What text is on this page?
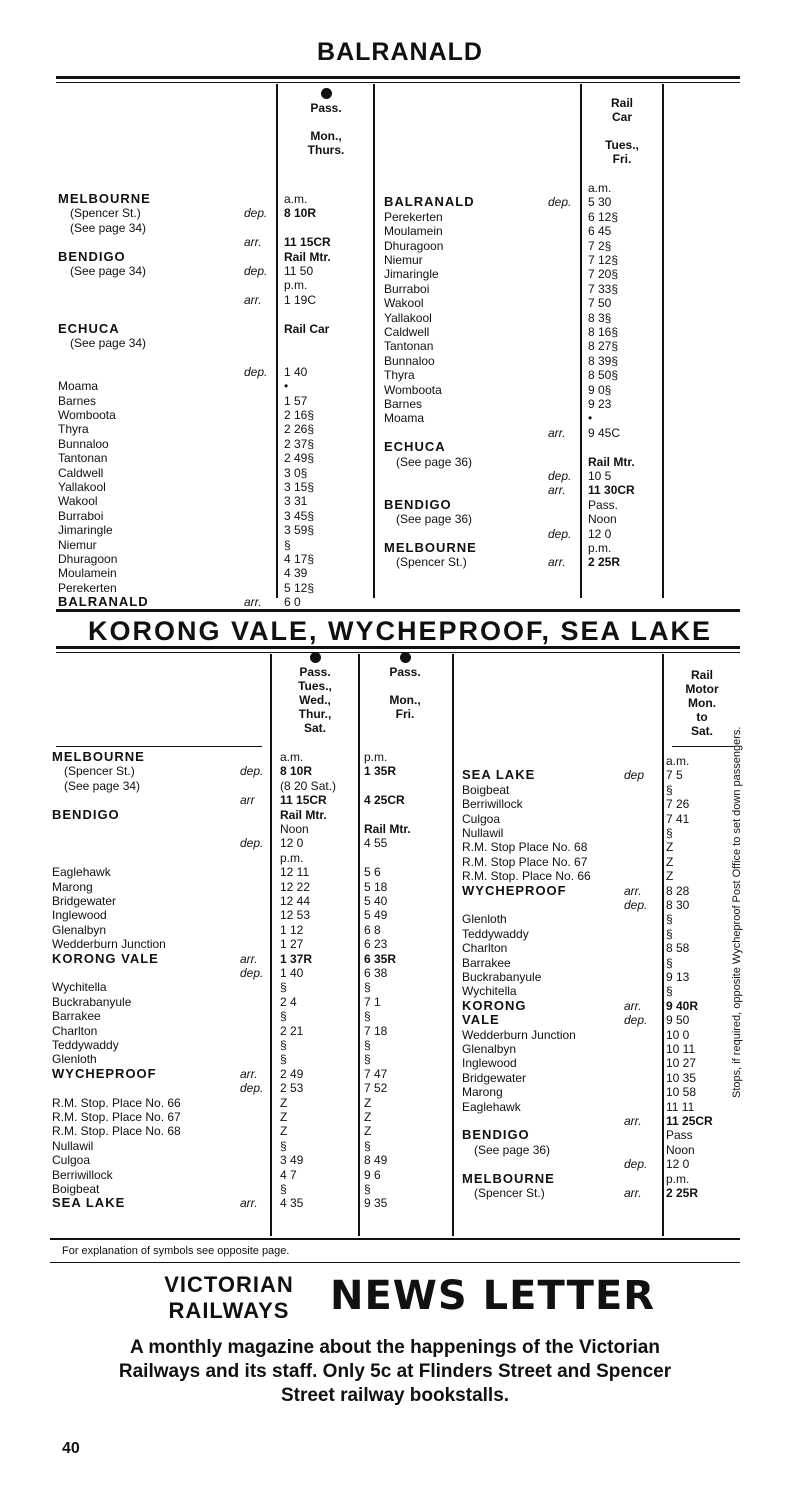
BALRANALD
Pass.

Mon.,
Thurs.
Rail
Car

Tues.,
Fri.
MELBOURNE	a.m.
(Spencer St.)	dep. 8 10R
(See page 34)
arr. 11 15CR
BENDIGO	Rail Mtr.
(See page 34)	dep. 11 50
p.m.
arr. 1 19C
ECHUCA	Rail Car
(See page 34)
dep. 1 40
Moama	•
Barnes	1 57
Wombootа	2 16§
Thyra	2 26§
Bunnaloo	2 37§
Tantonan	2 49§
Caldwell	3 0§
Yallakool	3 15§
Wakool	3 31
Burraboi	3 45§
Jimaringle	3 59§
Niemur	§
Dhuragoon	4 17§
Moulamein	4 39
Perekerten	5 12§
BALRANALD	arr. 6 0
a.m.
BALRANALD	dep. 5 30
Perekerten	6 12§
Moulamein	6 45
Dhuragoon	7 2§
Niemur	7 12§
Jimaringle	7 20§
Burraboi	7 33§
Wakool	7 50
Yallakool	8 3§
Caldwell	8 16§
Tantonan	8 27§
Bunnaloo	8 39§
Thyra	8 50§
Wombootа	9 0§
Barnes	9 23
Moama	•
arr. 9 45C
ECHUCA
(See page 36)	Rail Mtr.
dep. 10 5
arr. 11 30CR
BENDIGO	Pass.
(See page 36)	Noon
dep. 12 0
MELBOURNE	p.m.
(Spencer St.)	arr. 2 25R
KORONG VALE, WYCHEPROOF, SEA LAKE
Pass.
Tues.,
Wed.,
Thur.,
Sat.
Pass.

Mon.,
Fri.
Rail
Motor
Mon.
to
Sat.
MELBOURNE	a.m.	p.m.
(Spencer St.)	dep. 8 10R	1 35R
(See page 34)	(8 20 Sat.)
arr 11 15CR	4 25CR
BENDIGO	Rail Mtr.
Noon	Rail Mtr.
dep. 12 0	4 55
p.m.
Eaglehawk	12 11	5 6
Marong	12 22	5 18
Bridgewater	12 44	5 40
Inglewood	12 53	5 49
Glenalbyn	1 12	6 8
Wedderburn Junction	1 27	6 23
KORONG VALE	arr. 1 37R	6 35R
dep. 1 40	6 38
Wychitella	§	§
Buckrabanyule	2 4	7 1
Barrakee	§	§
Charlton	2 21	7 18
Teddywaddy	§	§
Glenloth	§	§
WYCHEPROOF	arr. 2 49	7 47
dep. 2 53	7 52
R.M. Stop. Place No. 66	Z	Z
R.M. Stop. Place No. 67	Z	Z
R.M. Stop. Place No. 68	Z	Z
Nullawil	§	§
Culgoa	3 49	8 49
Berriwillock	4 7	9 6
Boigbeat	§	§
SEA LAKE	arr. 4 35	9 35
a.m.
SEA LAKE	dep 7 5
Boigbeat	§
Berriwillock	7 26
Culgoa	7 41
Nullawil	§
R.M. Stop Place No. 68	Z
R.M. Stop Place No. 67	Z
R.M. Stop. Place No. 66	Z
WYCHEPROOF	arr. 8 28
dep. 8 30
Glenloth	§
Teddywaddy	§
Charlton	8 58
Barrakee	§
Buckrabanyule	9 13
Wychitella	§
KORONG	arr. 9 40R
VALE	dep. 9 50
Wedderburn Junction	10 0
Glenalbyn	10 11
Inglewood	10 27
Bridgewater	10 35
Marong	10 58
Eaglehawk	11 11
arr. 11 25CR
BENDIGO	Pass
(See page 36)	Noon
dep. 12 0
MELBOURNE	p.m.
(Spencer St.)	arr. 2 25R
Stops, if required, opposite Wycheproof Post Office to set down passengers.
For explanation of symbols see opposite page.
VICTORIAN
RAILWAYS	NEWS LETTER
A monthly magazine about the happenings of the Victorian Railways and its staff. Only 5c at Flinders Street and Spencer Street railway bookstalls.
40
